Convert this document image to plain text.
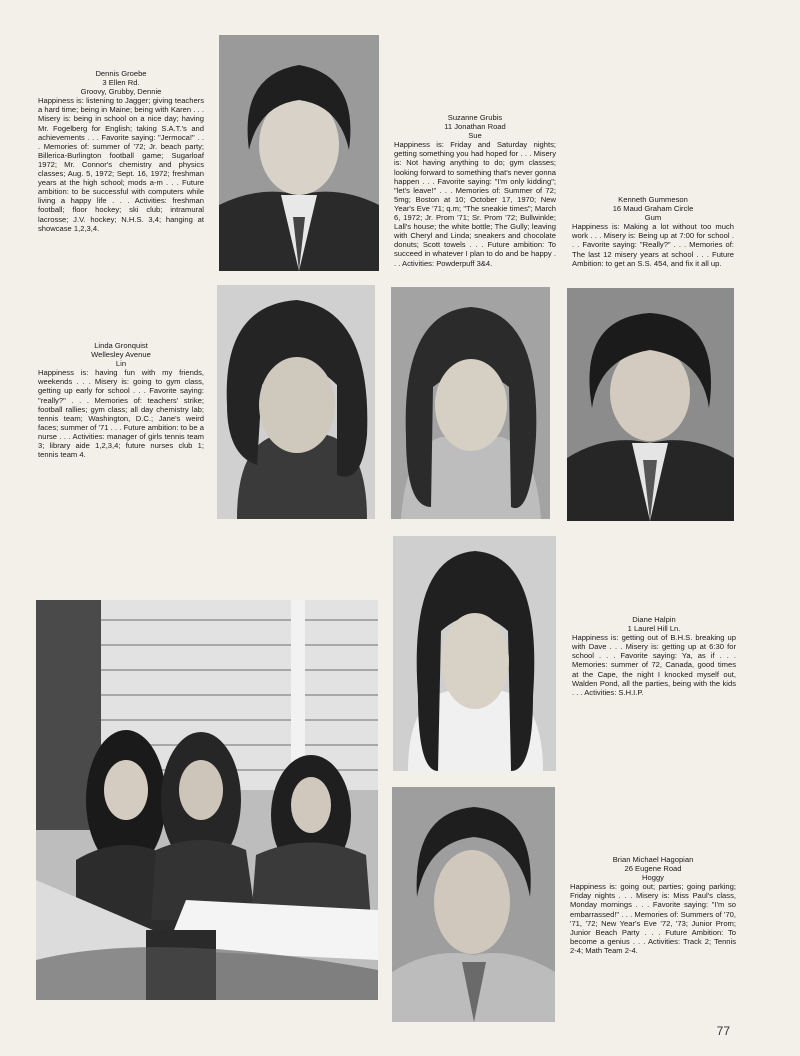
Dennis Groebe
3 Ellen Rd.
Groovy, Grubby, Dennie
Happiness is: listening to Jagger; giving teachers a hard time; being in Maine; being with Karen . . . Misery is: being in school on a nice day; having Mr. Fogelberg for English; taking S.A.T.'s and achievements . . . Favorite saying: "Jermoca!" . . . Memories of: summer of '72; Jr. beach party; Billerica-Burlington football game; Sugarloaf 1972; Mr. Connor's chemistry and physics classes; Aug. 5, 1972; Sept. 16, 1972; freshman years at the high school; mods a-m . . . Future ambition: to be successful with computers while living a happy life . . . Activities: freshman football; floor hockey; ski club; intramural lacrosse; J.V. hockey; N.H.S. 3,4; hanging at showcase 1,2,3,4.
Suzanne Grubis
11 Jonathan Road
Sue
Happiness is: Friday and Saturday nights; getting something you had hoped for . . . Misery is: Not having anything to do; gym classes; looking forward to something that's never gonna happen . . . Favorite saying: "I'm only kidding"; "let's leave!" . . . Memories of: Summer of 72; 5mg; Boston at 10; October 17, 1970; New Year's Eve '71; q.m; "The sneakie times"; March 6, 1972; Jr. Prom '71; Sr. Prom '72; Bullwinkle; Lall's house; the white bottle; The Gully; leaving with Cheryl and Linda; sneakers and chocolate donuts; Scott towels . . . Future ambition: To succeed in whatever I plan to do and be happy . . . Activities: Powderpuff 3&4.
Kenneth Gummeson
16 Maud Graham Circle
Gum
Happiness is: Making a lot without too much work . . . Misery is: Being up at 7:00 for school . . . Favorite saying: "Really?" . . . Memories of: The last 12 misery years at school . . . Future Ambition: to get an S.S. 454, and fix it all up.
Linda Gronquist
Wellesley Avenue
Lin
Happiness is: having fun with my friends, weekends . . . Misery is: going to gym class, getting up early for school . . . Favorite saying: "really?" . . . Memories of: teachers' strike; football rallies; gym class; all day chemistry lab; tennis team; Washington, D.C.; Jane's weird faces; summer of '71 . . . Future ambition: to be a nurse . . . Activities: manager of girls tennis team 3; library aide 1,2,3,4; future nurses club 1; tennis team 4.
Diane Halpin
1 Laurel Hill Ln.
Happiness is: getting out of B.H.S. breaking up with Dave . . . Misery is: getting up at 6:30 for school . . . Favorite saying: Ya, as if . . . Memories: summer of 72, Canada, good times at the Cape, the night I knocked myself out, Walden Pond, all the parties, being with the kids . . . Activities: S.H.I.P.
Brian Michael Hagopian
26 Eugene Road
Hoggy
Happiness is: going out; parties; going parking; Friday nights . . . Misery is: Miss Paul's class, Monday mornings . . . Favorite saying: "I'm so embarrassed!" . . . Memories of: Summers of '70, '71, '72; New Year's Eve '72, '73; Junior Prom; Junior Beach Party . . . Future Ambition: To become a genius . . . Activities: Track 2; Tennis 2-4; Math Team 2-4.
77
